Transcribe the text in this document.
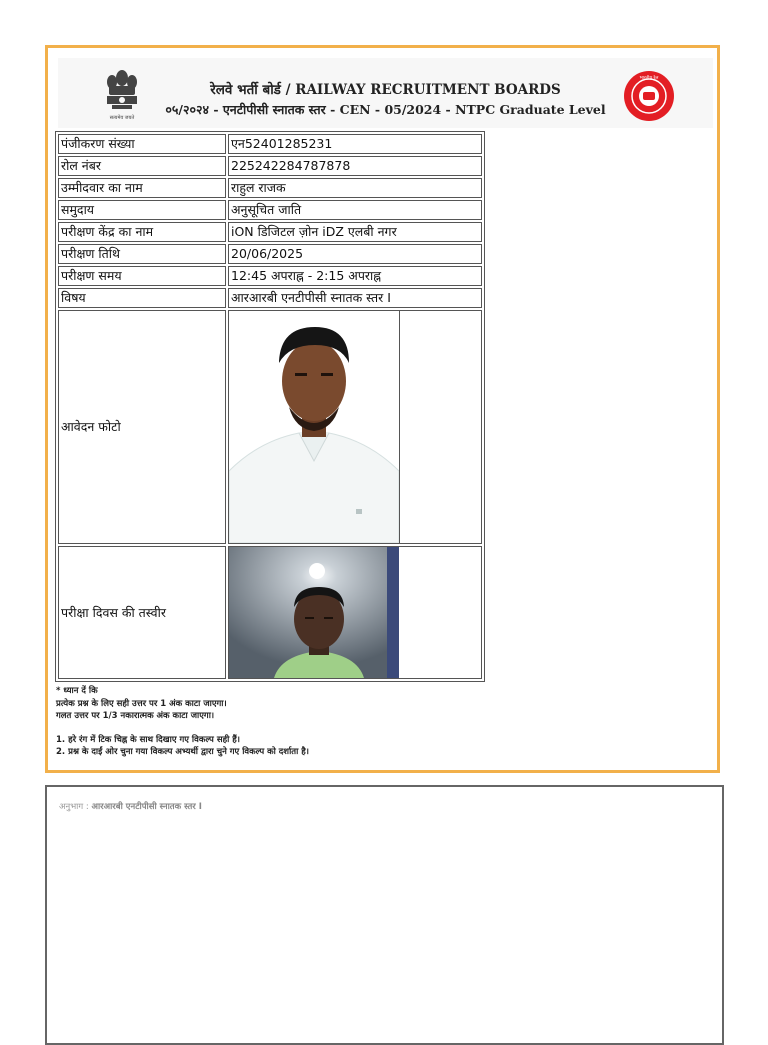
सत्यमेव जयते
रेलवे भर्ती बोर्ड / RAILWAY RECRUITMENT BOARDS
०५/२०२४ - एनटीपीसी स्नातक स्तर - CEN - 05/2024 - NTPC Graduate Level
भारतीय रेल
पंजीकरण संख्या	एन52401285231
रोल नंबर	225242284787878
उम्मीदवार का नाम	राहुल राजक
समुदाय	अनुसूचित जाति
परीक्षण केंद्र का नाम	iON डिजिटल ज़ोन iDZ एलबी नगर
परीक्षण तिथि	20/06/2025
परीक्षण समय	12:45 अपराह्न - 2:15 अपराह्न
विषय	आरआरबी एनटीपीसी स्नातक स्तर I
आवेदन फोटो	

परीक्षा दिवस की तस्वीर	
* ध्यान दें कि
प्रत्येक प्रश्न के लिए सही उत्तर पर 1 अंक काटा जाएगा।
गलत उत्तर पर 1/3 नकारात्मक अंक काटा जाएगा।
1. हरे रंग में टिक चिह्न के साथ दिखाए गए विकल्प सही हैं।
2. प्रश्न के दाईं ओर चुना गया विकल्प अभ्यर्थी द्वारा चुने गए विकल्प को दर्शाता है।
अनुभाग : आरआरबी एनटीपीसी स्नातक स्तर I
